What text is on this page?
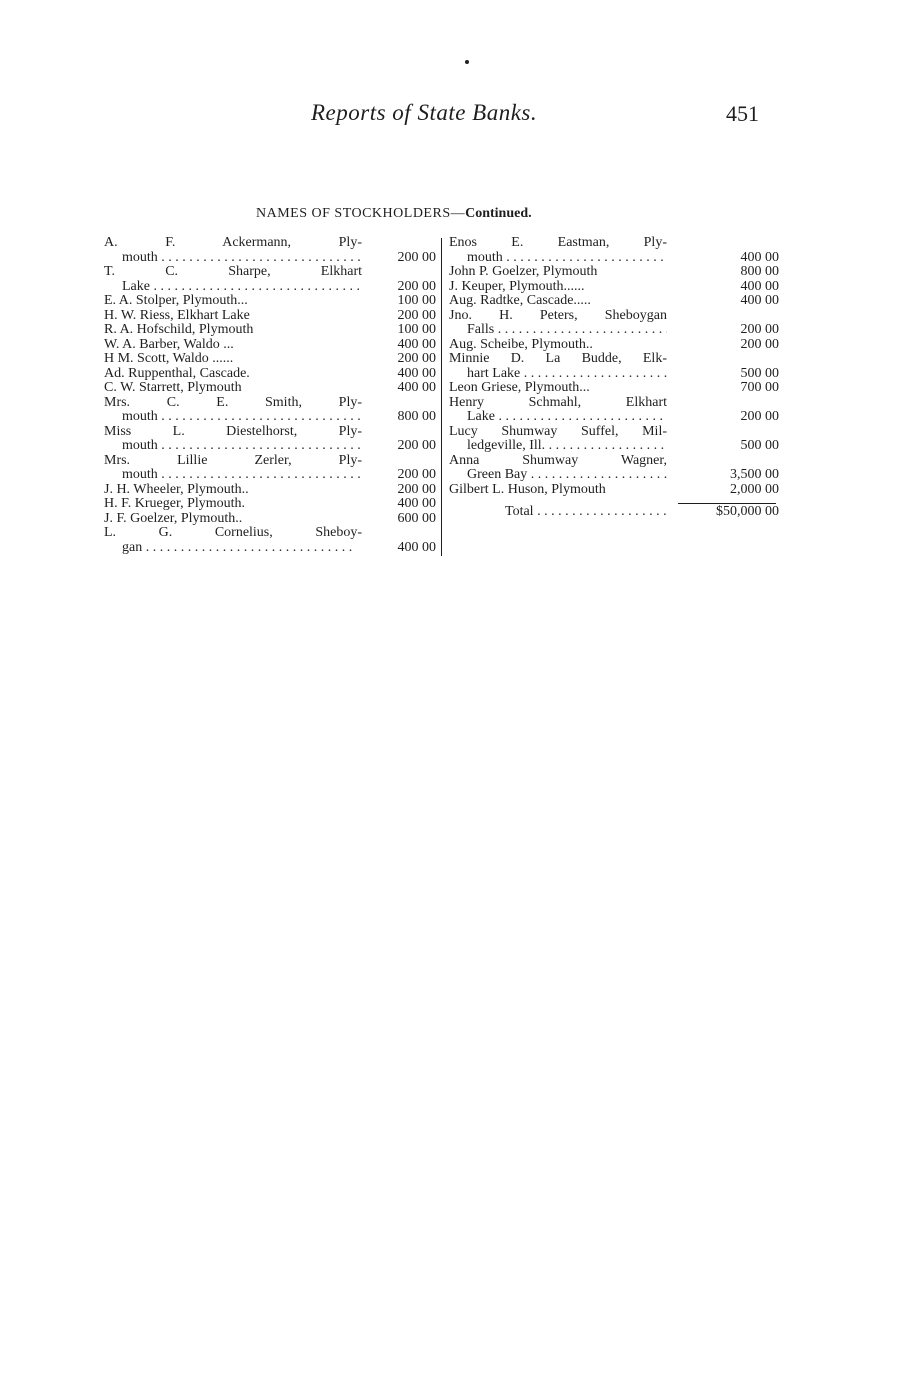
Reports of State Banks.	451
NAMES OF STOCKHOLDERS—Continued.
A. F. Ackermann, Ply-
mouth . . .	200 00
T. C. Sharpe, Elkhart
Lake . . .	200 00
E. A. Stolper, Plymouth...	100 00
H. W. Riess, Elkhart Lake	200 00
R. A. Hofschild, Plymouth	100 00
W. A. Barber, Waldo ...	400 00
H M. Scott, Waldo ......	200 00
Ad. Ruppenthal, Cascade.	400 00
C. W. Starrett, Plymouth	400 00
Mrs. C. E. Smith, Ply-
mouth . . .	800 00
Miss L. Diestelhorst, Ply-
mouth . . .	200 00
Mrs. Lillie Zerler, Ply-
mouth . . .	200 00
J. H. Wheeler, Plymouth..	200 00
H. F. Krueger, Plymouth.	400 00
J. F. Goelzer, Plymouth..	600 00
L. G. Cornelius, Sheboy-
gan . . .	400 00
Enos E. Eastman, Ply-
mouth . . .	400 00
John P. Goelzer, Plymouth	800 00
J. Keuper, Plymouth......	400 00
Aug. Radtke, Cascade.....	400 00
Jno. H. Peters, Sheboygan
Falls . . .	200 00
Aug. Scheibe, Plymouth..	200 00
Minnie D. La Budde, Elk-
hart Lake . . .	500 00
Leon Griese, Plymouth...	700 00
Henry Schmahl, Elkhart
Lake . . .	200 00
Lucy Shumway Suffel, Mil-
ledgeville, Ill. . . .	500 00
Anna Shumway Wagner,
Green Bay . . .	3,500 00
Gilbert L. Huson, Plymouth	2,000 00
Total . . .	$50,000 00
